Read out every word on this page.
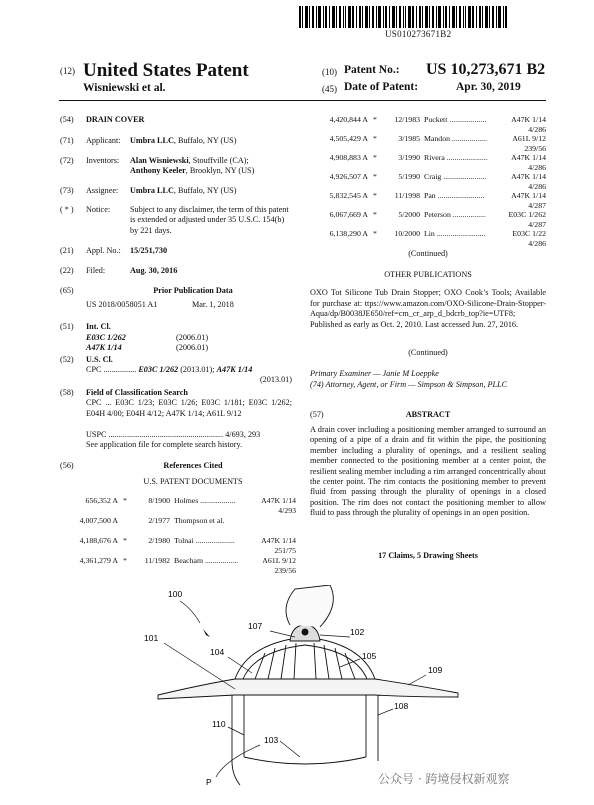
US010273671B2
(12) United States Patent
Wisniewski et al.
(10) Patent No.: US 10,273,671 B2
(45) Date of Patent:	Apr. 30, 2019
(54) DRAIN COVER
(71) Applicant: Umbra LLC, Buffalo, NY (US)
(72) Inventors: Alan Wisniewski, Stouffville (CA);
Anthony Keeler, Brooklyn, NY (US)
(73) Assignee: Umbra LLC, Buffalo, NY (US)
( * ) Notice: Subject to any disclaimer, the term of this patent is extended or adjusted under 35 U.S.C. 154(b) by 221 days.
(21) Appl. No.: 15/251,730
(22) Filed:	Aug. 30, 2016
(65)	Prior Publication Data
US 2018/0058051 A1	Mar. 1, 2018
(51) Int. Cl.
E03C 1/262	(2006.01)
A47K 1/14	(2006.01)
(52) U.S. Cl.
CPC ................ E03C 1/262 (2013.01); A47K 1/14
(2013.01)
(58) Field of Classification Search
CPC ... E03C 1/23; E03C 1/26; E03C 1/181; E03C 1/262; E04H 4/00; E04H 4/12; A47K 1/14; A61L 9/12
USPC ........................................................ 4/693, 293
See application file for complete search history.
(56)	References Cited
U.S. PATENT DOCUMENTS
656,352 A *	8/1900 Holmes ..................	A47K 1/14
4/293
4,007,500 A	2/1977 Thompson et al.
4,188,676 A *	2/1980 Tolnai ....................	A47K 1/14
251/75
4,361,279 A *	11/1982 Beacham .................	A61L 9/12
239/56
4,420,844 A *	12/1983 Puckett ...................	A47K 1/14
4/286
4,505,429 A *	3/1985 Mandon ..................	A61L 9/12
239/56
4,908,883 A *	3/1990 Rivera .....................	A47K 1/14
4/286
4,926,507 A *	5/1990 Craig ......................	A47K 1/14
4/286
5,832,545 A *	11/1998 Pan ........................	A47K 1/14
4/287
6,067,669 A *	5/2000 Peterson .................	E03C 1/262
4/287
6,138,290 A *	10/2000 Lin .........................	E03C 1/22
4/286
(Continued)
OTHER PUBLICATIONS
OXO Tot Silicone Tub Drain Stopper; OXO Cook’s Tools; Available for purchase at: ttps://www.amazon.com/OXO-Silicone-Drain-Stopper-Aqua/dp/B0038JE650/ref=cm_cr_arp_d_bdcrb_top?ie=UTF8; Published as early as Oct. 2, 2010. Last accessed Jun. 27, 2016.
(Continued)
Primary Examiner — Janie M Loeppke
(74) Attorney, Agent, or Firm — Simpson & Simpson, PLLC
(57)	ABSTRACT
A drain cover including a positioning member arranged to surround an opening of a pipe of a drain and fit within the pipe, the positioning member including a plurality of openings, and a resilient sealing member connected to the positioning member at a center point, the resilient sealing member including a rim arranged concentrically about the center point. The rim contacts the positioning member to prevent fluid from passing through the plurality of openings in a closed position. The rim does not contact the positioning member to allow fluid to pass through the plurality of openings in an open position.
17 Claims, 5 Drawing Sheets
100
101
104
107
102
105
109
110
108
103
P	公众号 · 跨境侵权新观察
